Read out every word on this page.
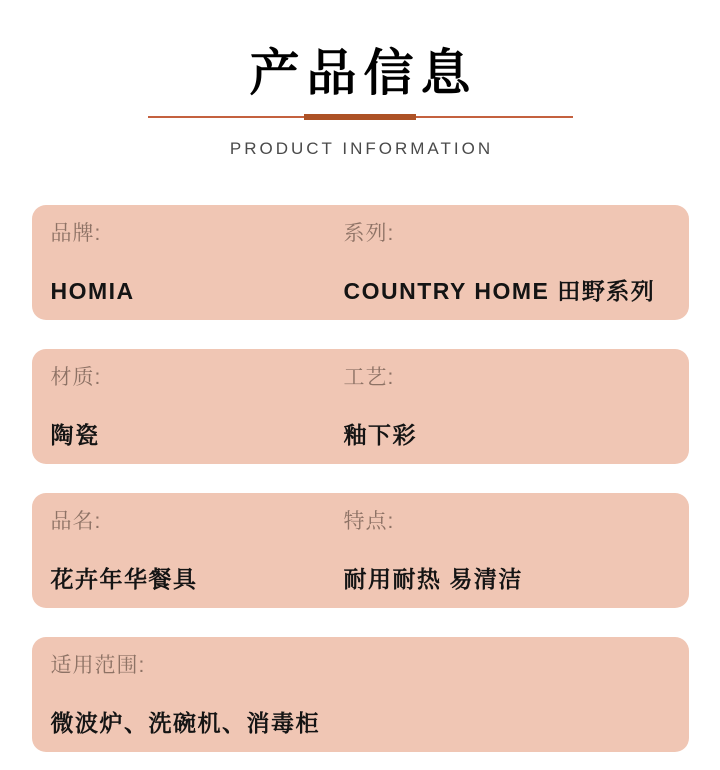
产品信息
PRODUCT INFORMATION
品牌:
HOMIA
系列:
COUNTRY HOME 田野系列
材质:
陶瓷
工艺:
釉下彩
品名:
花卉年华餐具
特点:
耐用耐热 易清洁
适用范围:
微波炉、洗碗机、消毒柜
